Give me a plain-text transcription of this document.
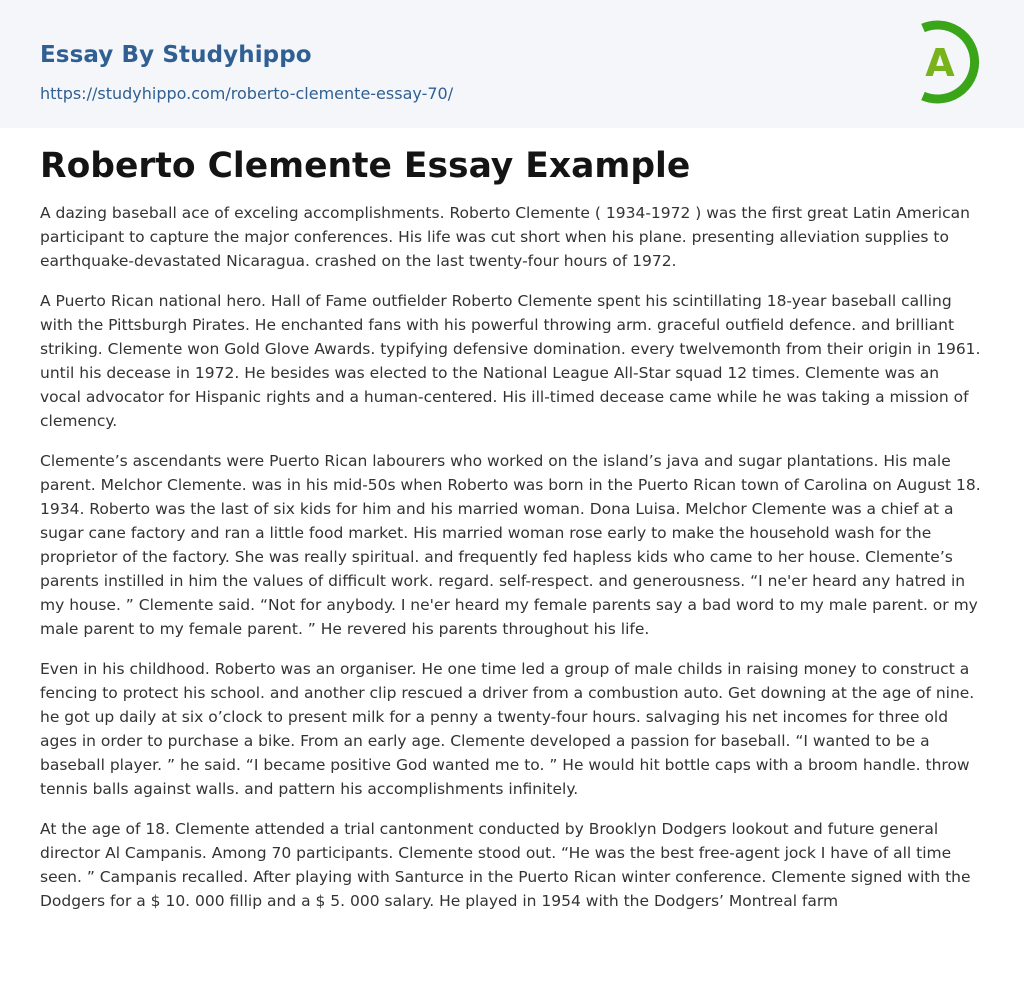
Essay By Studyhippo
https://studyhippo.com/roberto-clemente-essay-70/
A
Roberto Clemente Essay Example

A dazing baseball ace of exceling accomplishments. Roberto Clemente ( 1934-1972 ) was the first great Latin American participant to capture the major conferences. His life was cut short when his plane. presenting alleviation supplies to earthquake-devastated Nicaragua. crashed on the last twenty-four hours of 1972.

A Puerto Rican national hero. Hall of Fame outfielder Roberto Clemente spent his scintillating 18-year baseball calling with the Pittsburgh Pirates. He enchanted fans with his powerful throwing arm. graceful outfield defence. and brilliant striking. Clemente won Gold Glove Awards. typifying defensive domination. every twelvemonth from their origin in 1961. until his decease in 1972. He besides was elected to the National League All-Star squad 12 times. Clemente was an vocal advocator for Hispanic rights and a human-centered. His ill-timed decease came while he was taking a mission of clemency.

Clemente’s ascendants were Puerto Rican labourers who worked on the island’s java and sugar plantations. His male parent. Melchor Clemente. was in his mid-50s when Roberto was born in the Puerto Rican town of Carolina on August 18. 1934. Roberto was the last of six kids for him and his married woman. Dona Luisa. Melchor Clemente was a chief at a sugar cane factory and ran a little food market. His married woman rose early to make the household wash for the proprietor of the factory. She was really spiritual. and frequently fed hapless kids who came to her house. Clemente’s parents instilled in him the values of difficult work. regard. self-respect. and generousness. “I ne'er heard any hatred in my house. ” Clemente said. “Not for anybody. I ne'er heard my female parents say a bad word to my male parent. or my male parent to my female parent. ” He revered his parents throughout his life.

Even in his childhood. Roberto was an organiser. He one time led a group of male childs in raising money to construct a fencing to protect his school. and another clip rescued a driver from a combustion auto. Get downing at the age of nine. he got up daily at six o’clock to present milk for a penny a twenty-four hours. salvaging his net incomes for three old ages in order to purchase a bike. From an early age. Clemente developed a passion for baseball. “I wanted to be a baseball player. ” he said. “I became positive God wanted me to. ” He would hit bottle caps with a broom handle. throw tennis balls against walls. and pattern his accomplishments infinitely.

At the age of 18. Clemente attended a trial cantonment conducted by Brooklyn Dodgers lookout and future general director Al Campanis. Among 70 participants. Clemente stood out. “He was the best free-agent jock I have of all time seen. ” Campanis recalled. After playing with Santurce in the Puerto Rican winter conference. Clemente signed with the Dodgers for a $ 10. 000 fillip and a $ 5. 000 salary. He played in 1954 with the Dodgers’ Montreal farm
